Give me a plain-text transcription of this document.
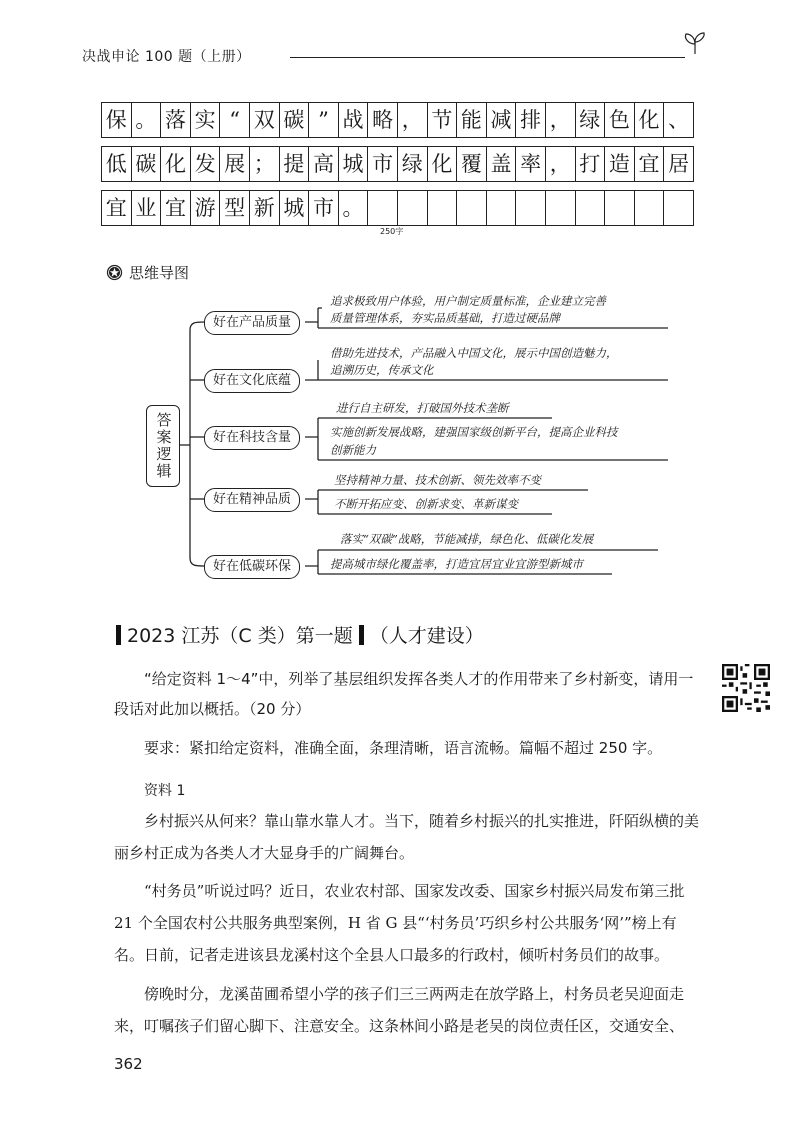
决战申论 100 题（上册）
保 。 落 实 “ 双 碳 ” 战 略 ， 节 能 减 排 ， 绿 色 化 、
低 碳 化 发 展 ； 提 高 城 市 绿 化 覆 盖 率 ， 打 造 宜 居
宜 业 宜 游 型 新 城 市 。
250字
思维导图
答案逻辑
好在产品质量
好在文化底蕴
好在科技含量
好在精神品质
好在低碳环保
追求极致用户体验，用户制定质量标准，企业建立完善
质量管理体系，夯实品质基础，打造过硬品牌
借助先进技术，产品融入中国文化，展示中国创造魅力，
追溯历史，传承文化
进行自主研发，打破国外技术垄断
实施创新发展战略，建强国家级创新平台，提高企业科技
创新能力
坚持精神力量、技术创新、领先效率不变
不断开拓应变、创新求变、革新谋变
落实“双碳”战略，节能减排，绿色化、低碳化发展
提高城市绿化覆盖率，打造宜居宜业宜游型新城市
2023 江苏（C 类）第一题 （人才建设）
“给定资料 1～4”中，列举了基层组织发挥各类人才的作用带来了乡村新变，请用一段话对此加以概括。（20 分）
要求：紧扣给定资料，准确全面，条理清晰，语言流畅。篇幅不超过 250 字。
资料 1
乡村振兴从何来？靠山靠水靠人才。当下，随着乡村振兴的扎实推进，阡陌纵横的美丽乡村正成为各类人才大显身手的广阔舞台。
“村务员”听说过吗？近日，农业农村部、国家发改委、国家乡村振兴局发布第三批 21 个全国农村公共服务典型案例，H 省 G 县“‘村务员’巧织乡村公共服务‘网’”榜上有名。日前，记者走进该县龙溪村这个全县人口最多的行政村，倾听村务员们的故事。
傍晚时分，龙溪苗圃希望小学的孩子们三三两两走在放学路上，村务员老吴迎面走来，叮嘱孩子们留心脚下、注意安全。这条林间小路是老吴的岗位责任区，交通安全、
362
